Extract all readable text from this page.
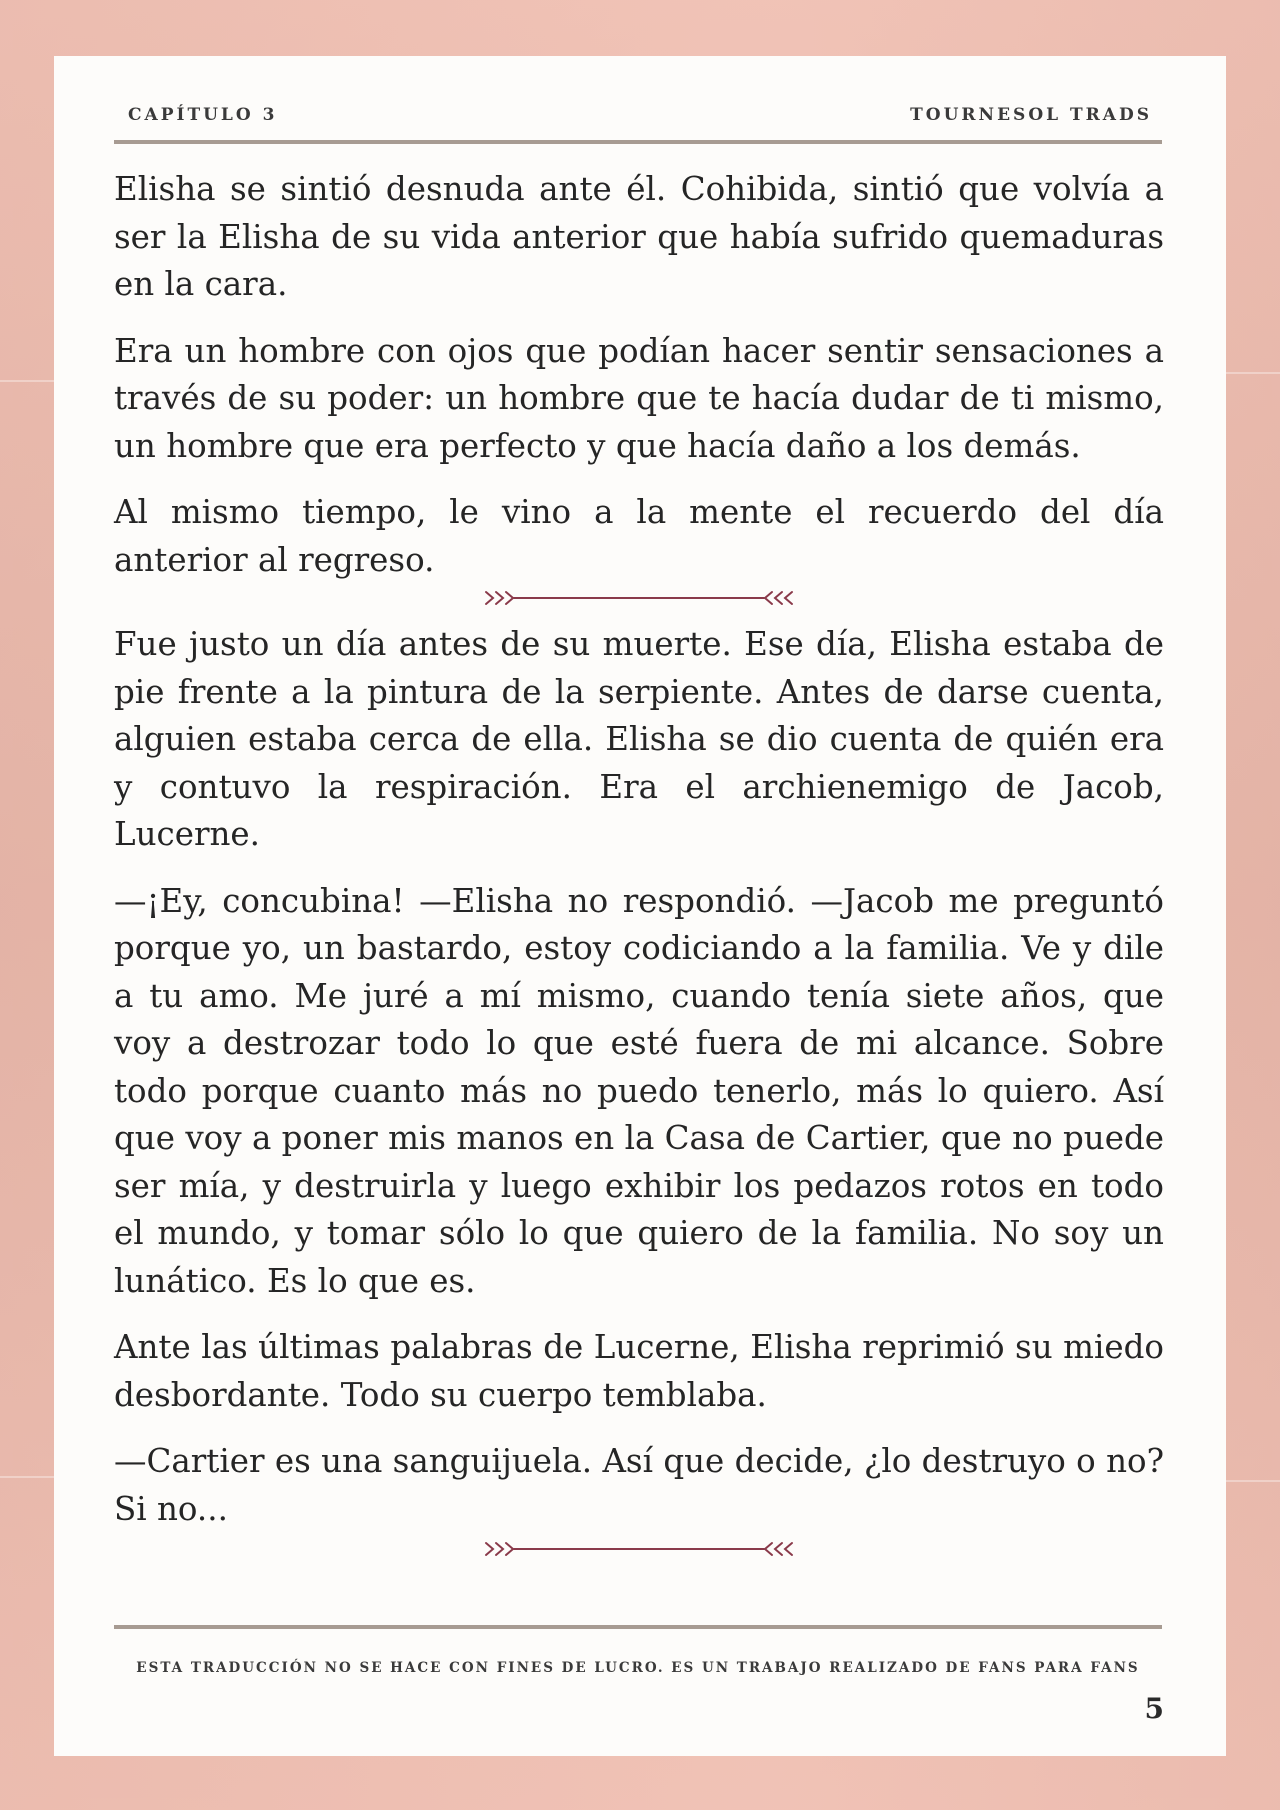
CAPÍTULO 3	TOURNESOL TRADS

Elisha se sintió desnuda ante él. Cohibida, sintió que volvía a ser la Elisha de su vida anterior que había sufrido quemaduras en la cara.

Era un hombre con ojos que podían hacer sentir sensaciones a través de su poder: un hombre que te hacía dudar de ti mismo, un hombre que era perfecto y que hacía daño a los demás.

Al mismo tiempo, le vino a la mente el recuerdo del día anterior al regreso.

Fue justo un día antes de su muerte. Ese día, Elisha estaba de pie frente a la pintura de la serpiente. Antes de darse cuenta, alguien estaba cerca de ella. Elisha se dio cuenta de quién era y contuvo la respiración. Era el archienemigo de Jacob, Lucerne.

—¡Ey, concubina! —Elisha no respondió. —Jacob me preguntó porque yo, un bastardo, estoy codiciando a la familia. Ve y dile a tu amo. Me juré a mí mismo, cuando tenía siete años, que voy a destrozar todo lo que esté fuera de mi alcance. Sobre todo porque cuanto más no puedo tenerlo, más lo quiero. Así que voy a poner mis manos en la Casa de Cartier, que no puede ser mía, y destruirla y luego exhibir los pedazos rotos en todo el mundo, y tomar sólo lo que quiero de la familia. No soy un lunático. Es lo que es.

Ante las últimas palabras de Lucerne, Elisha reprimió su miedo desbordante. Todo su cuerpo temblaba.

—Cartier es una sanguijuela. Así que decide, ¿lo destruyo o no? Si no...

ESTA TRADUCCIÓN NO SE HACE CON FINES DE LUCRO. ES UN TRABAJO REALIZADO DE FANS PARA FANS
5
